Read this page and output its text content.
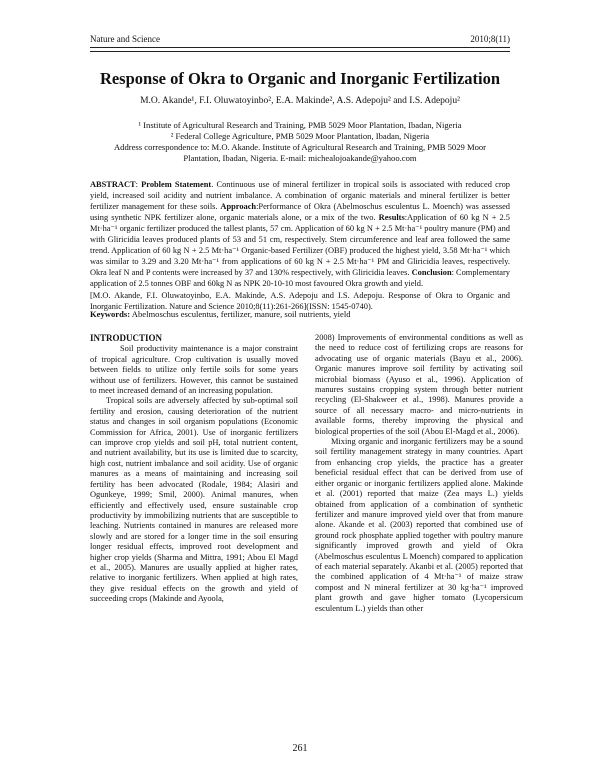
Nature and Science	2010;8(11)
Response of Okra to Organic and Inorganic Fertilization
M.O. Akande¹, F.I. Oluwatoyinbo², E.A. Makinde², A.S. Adepoju² and I.S. Adepoju²
¹ Institute of Agricultural Research and Training, PMB 5029 Moor Plantation, Ibadan, Nigeria
² Federal College Agriculture, PMB 5029 Moor Plantation, Ibadan, Nigeria
Address correspondence to: M.O. Akande. Institute of Agricultural Research and Training, PMB 5029 Moor Plantation, Ibadan, Nigeria. E-mail: michealojoakande@yahoo.com
ABSTRACT: Problem Statement. Continuous use of mineral fertilizer in tropical soils is associated with reduced crop yield, increased soil acidity and nutrient imbalance. A combination of organic materials and mineral fertilizer is better fertilizer management for these soils. Approach:Performance of Okra (Abelmoschus esculentus L. Moench) was assessed using synthetic NPK fertilizer alone, organic materials alone, or a mix of the two. Results:Application of 60 kg N + 2.5 Mt·ha⁻¹ organic fertilizer produced the tallest plants, 57 cm. Application of 60 kg N + 2.5 Mt·ha⁻¹ poultry manure (PM) and with Gliricidia leaves produced plants of 53 and 51 cm, respectively. Stem circumference and leaf area followed the same trend. Application of 60 kg N + 2.5 Mt·ha⁻¹ Organic-based Fertilizer (OBF) produced the highest yield, 3.58 Mt·ha⁻¹ which was similar to 3.29 and 3.20 Mt·ha⁻¹ from applications of 60 kg N + 2.5 Mt·ha⁻¹ PM and Gliricidia leaves, respectively. Okra leaf N and P contents were increased by 37 and 130% respectively, with Gliricidia leaves. Conclusion: Complementary application of 2.5 tonnes OBF and 60kg N as NPK 20-10-10 most favoured Okra growth and yield.
[M.O. Akande, F.I. Oluwatoyinbo, E.A. Makinde, A.S. Adepoju and I.S. Adepoju. Response of Okra to Organic and Inorganic Fertilization. Nature and Science 2010;8(11):261-266](ISSN: 1545-0740).
Keywords: Abelmoschus esculentus, fertilizer, manure, soil nutrients, yield
INTRODUCTION

Soil productivity maintenance is a major constraint of tropical agriculture. Crop cultivation is usually moved between fields to utilize only fertile soils for some years without use of fertilizers. However, this cannot be sustained to meet increased demand of an increasing population.

Tropical soils are adversely affected by sub-optimal soil fertility and erosion, causing deterioration of the nutrient status and changes in soil organism populations (Economic Commission for Africa, 2001). Use of inorganic fertilizers can improve crop yields and soil pH, total nutrient content, and nutrient availability, but its use is limited due to scarcity, high cost, nutrient imbalance and soil acidity. Use of organic manures as a means of maintaining and increasing soil fertility has been advocated (Rodale, 1984; Alasiri and Ogunkeye, 1999; Smil, 2000). Animal manures, when efficiently and effectively used, ensure sustainable crop productivity by immobilizing nutrients that are susceptible to leaching. Nutrients contained in manures are released more slowly and are stored for a longer time in the soil ensuring longer residual effects, improved root development and higher crop yields (Sharma and Mittra, 1991; Abou El Magd et al., 2005). Manures are usually applied at higher rates, relative to inorganic fertilizers. When applied at high rates, they give residual effects on the growth and yield of succeeding crops (Makinde and Ayoola,

2008) Improvements of environmental conditions as well as the need to reduce cost of fertilizing crops are reasons for advocating use of organic materials (Bayu et al., 2006). Organic manures improve soil fertility by activating soil microbial biomass (Ayuso et al., 1996). Application of manures sustains cropping system through better nutrient recycling (El-Shakweer et al., 1998). Manures provide a source of all necessary macro- and micro-nutrients in available forms, thereby improving the physical and biological properties of the soil (Abou El-Magd et al., 2006).

Mixing organic and inorganic fertilizers may be a sound soil fertility management strategy in many countries. Apart from enhancing crop yields, the practice has a greater beneficial residual effect that can be derived from use of either organic or inorganic fertilizers applied alone. Makinde et al. (2001) reported that maize (Zea mays L.) yields obtained from application of a combination of synthetic fertilizer and manure improved yield over that from manure alone. Akande et al. (2003) reported that combined use of ground rock phosphate applied together with poultry manure significantly improved growth and yield of Okra (Abelmoschus esculentus L Moench) compared to application of each material separately. Akanbi et al. (2005) reported that the combined application of 4 Mt·ha⁻¹ of maize straw compost and N mineral fertilizer at 30 kg·ha⁻¹ improved plant growth and gave higher tomato (Lycopersicum esculentum L.) yields than other

261
